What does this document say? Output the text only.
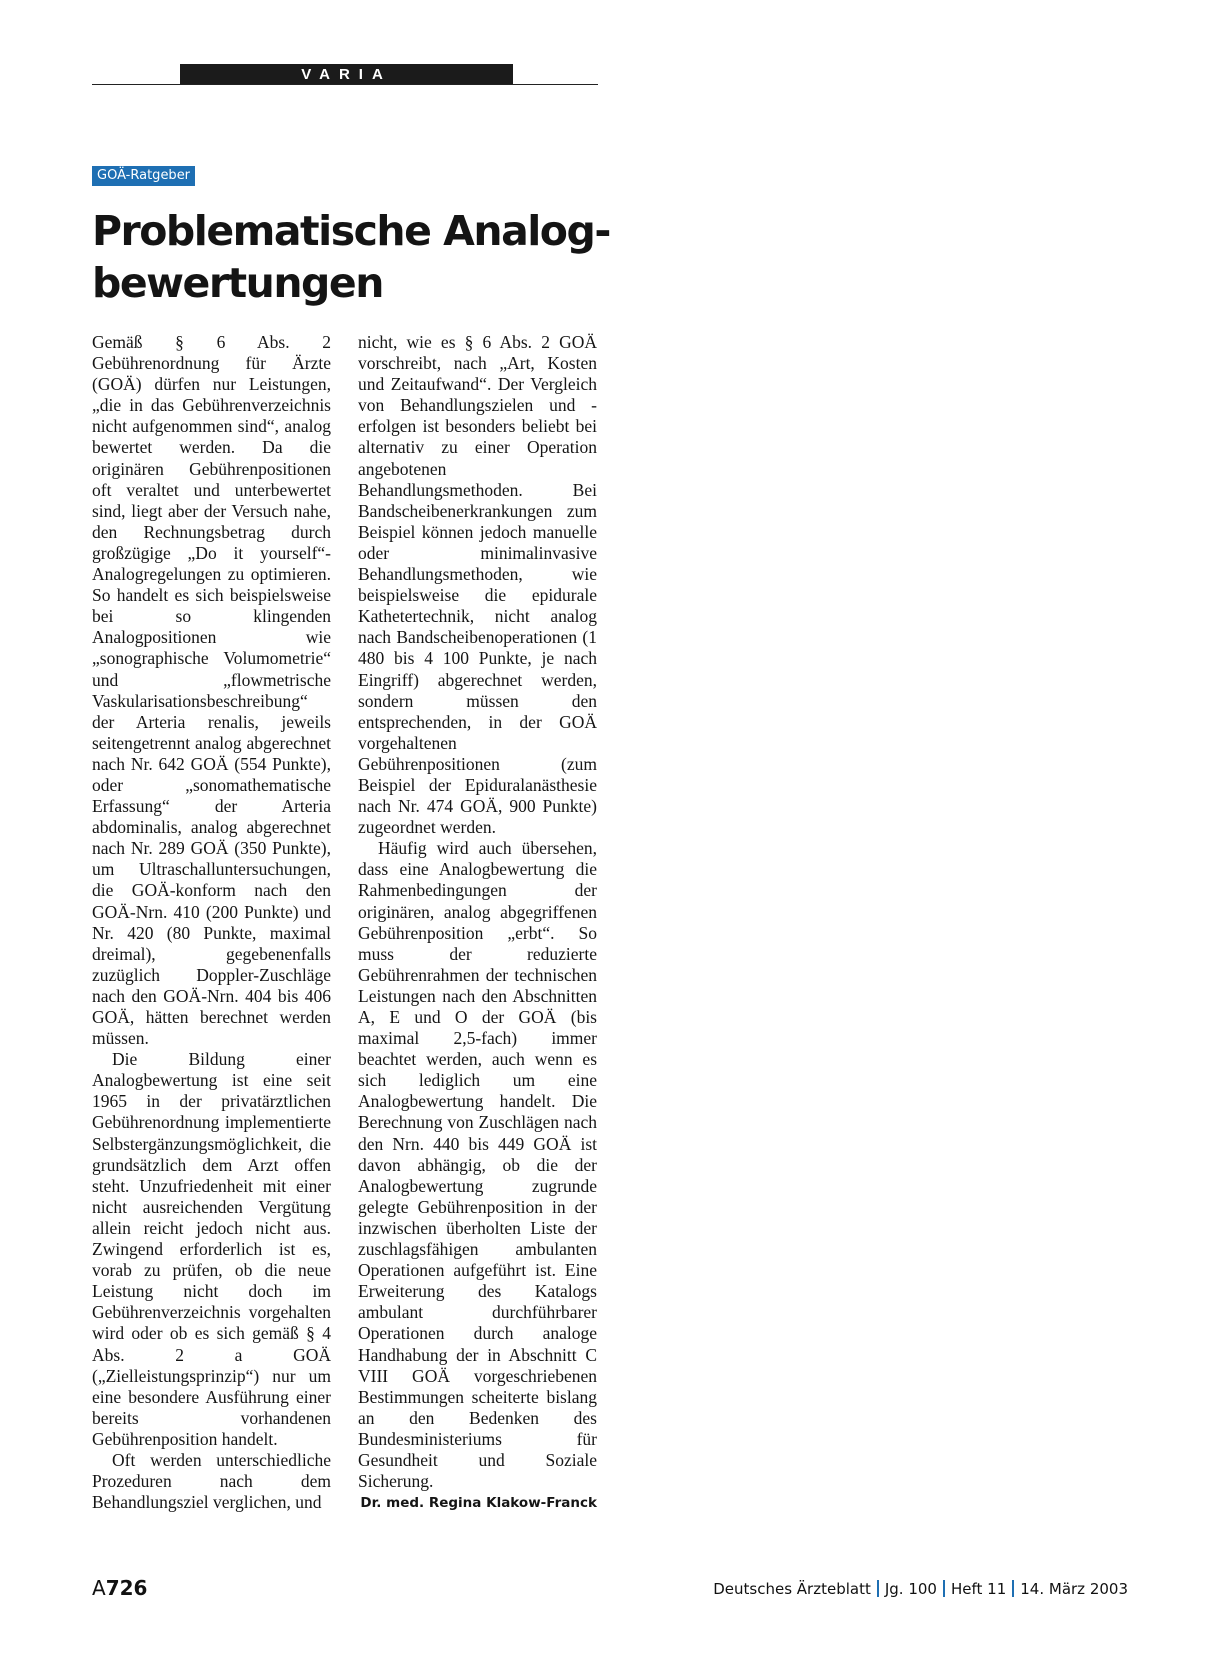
VARIA
GOÄ-Ratgeber
Problematische Analog-
bewertungen

Gemäß § 6 Abs. 2 Gebührenordnung für Ärzte (GOÄ) dürfen nur Leistungen, „die in das Gebührenverzeichnis nicht aufgenommen sind“, analog bewertet werden. Da die originären Gebührenpositionen oft veraltet und unterbewertet sind, liegt aber der Versuch nahe, den Rechnungsbetrag durch großzügige „Do it yourself“-Analogregelungen zu optimieren. So handelt es sich beispielsweise bei so klingenden Analogpositionen wie „sonographische Volumometrie“ und „flowmetrische Vaskularisationsbeschreibung“ der Arteria renalis, jeweils seitengetrennt analog abgerechnet nach Nr. 642 GOÄ (554 Punkte), oder „sonomathematische Erfassung“ der Arteria abdominalis, analog abgerechnet nach Nr. 289 GOÄ (350 Punkte), um Ultraschalluntersuchungen, die GOÄ-konform nach den GOÄ-Nrn. 410 (200 Punkte) und Nr. 420 (80 Punkte, maximal dreimal), gegebenenfalls zuzüglich Doppler-Zuschläge nach den GOÄ-Nrn. 404 bis 406 GOÄ, hätten berechnet werden müssen.

Die Bildung einer Analogbewertung ist eine seit 1965 in der privatärztlichen Gebührenordnung implementierte Selbstergänzungsmöglichkeit, die grundsätzlich dem Arzt offen steht. Unzufriedenheit mit einer nicht ausreichenden Vergütung allein reicht jedoch nicht aus. Zwingend erforderlich ist es, vorab zu prüfen, ob die neue Leistung nicht doch im Gebührenverzeichnis vorgehalten wird oder ob es sich gemäß § 4 Abs. 2 a GOÄ („Zielleistungsprinzip“) nur um eine besondere Ausführung einer bereits vorhandenen Gebührenposition handelt.

Oft werden unterschiedliche Prozeduren nach dem Behandlungsziel verglichen, und

nicht, wie es § 6 Abs. 2 GOÄ vorschreibt, nach „Art, Kosten und Zeitaufwand“. Der Vergleich von Behandlungszielen und -erfolgen ist besonders beliebt bei alternativ zu einer Operation angebotenen Behandlungsmethoden. Bei Bandscheibenerkrankungen zum Beispiel können jedoch manuelle oder minimalinvasive Behandlungsmethoden, wie beispielsweise die epidurale Kathetertechnik, nicht analog nach Bandscheibenoperationen (1 480 bis 4 100 Punkte, je nach Eingriff) abgerechnet werden, sondern müssen den entsprechenden, in der GOÄ vorgehaltenen Gebührenpositionen (zum Beispiel der Epiduralanästhesie nach Nr. 474 GOÄ, 900 Punkte) zugeordnet werden.

Häufig wird auch übersehen, dass eine Analogbewertung die Rahmenbedingungen der originären, analog abgegriffenen Gebührenposition „erbt“. So muss der reduzierte Gebührenrahmen der technischen Leistungen nach den Abschnitten A, E und O der GOÄ (bis maximal 2,5-fach) immer beachtet werden, auch wenn es sich lediglich um eine Analogbewertung handelt. Die Berechnung von Zuschlägen nach den Nrn. 440 bis 449 GOÄ ist davon abhängig, ob die der Analogbewertung zugrunde gelegte Gebührenposition in der inzwischen überholten Liste der zuschlagsfähigen ambulanten Operationen aufgeführt ist. Eine Erweiterung des Katalogs ambulant durchführbarer Operationen durch analoge Handhabung der in Abschnitt C VIII GOÄ vorgeschriebenen Bestimmungen scheiterte bislang an den Bedenken des Bundesministeriums für Gesundheit und Soziale Sicherung.

Dr. med. Regina Klakow-Franck
A726	Deutsches Ärzteblatt Jg. 100 Heft 11 14. März 2003
